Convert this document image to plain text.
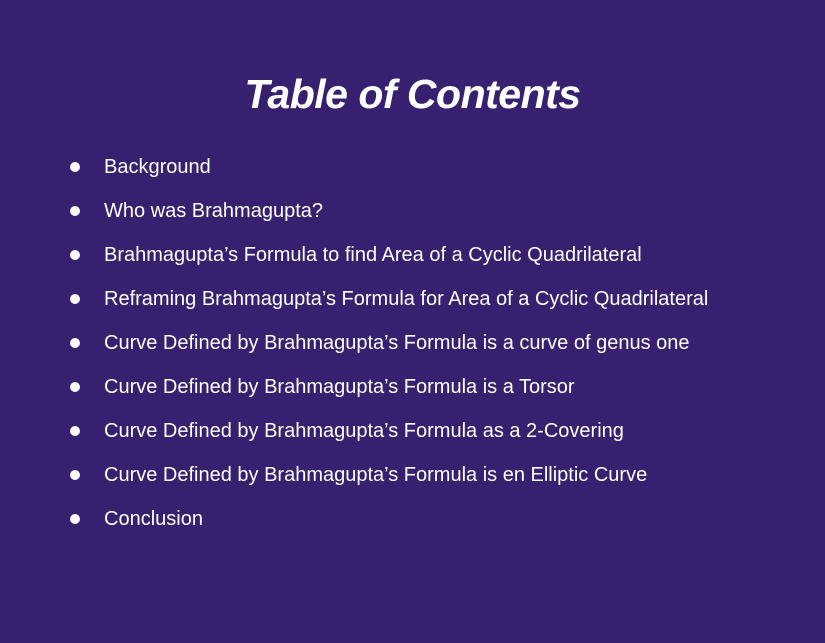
Table of Contents
Background
Who was Brahmagupta?
Brahmagupta’s Formula to find Area of a Cyclic Quadrilateral
Reframing Brahmagupta’s Formula for Area of a Cyclic Quadrilateral
Curve Defined by Brahmagupta’s Formula is a curve of genus one
Curve Defined by Brahmagupta’s Formula is a Torsor
Curve Defined by Brahmagupta’s Formula as a 2-Covering
Curve Defined by Brahmagupta’s Formula is en Elliptic Curve
Conclusion
